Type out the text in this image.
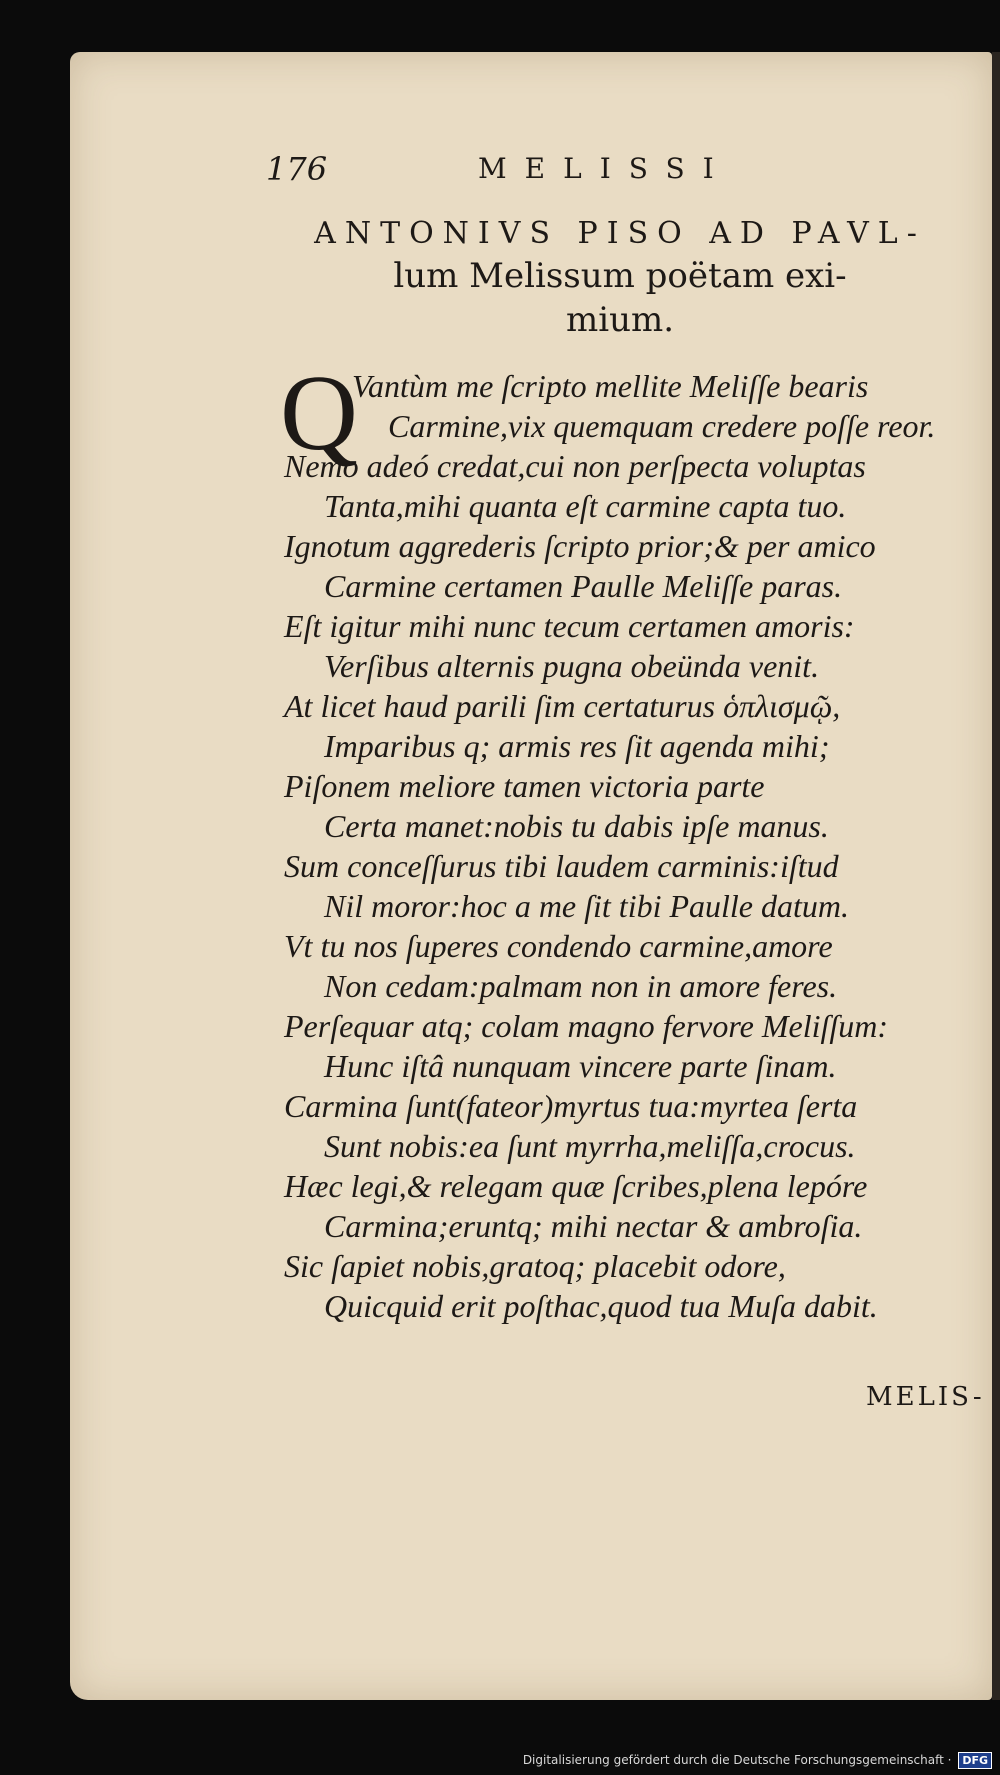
176	MELISSI
ANTONIVS PISO AD PAVL-
lum Melissum poëtam exi-
mium.
Q
Vantùm me ſcripto mellite Meliſſe bearis
Carmine,vix quemquam credere poſſe reor.
Nemo adeó credat,cui non perſpecta voluptas
Tanta,mihi quanta eſt carmine capta tuo.
Ignotum aggrederis ſcripto prior;& per amico
Carmine certamen Paulle Meliſſe paras.
Eſt igitur mihi nunc tecum certamen amoris:
Verſibus alternis pugna obeünda venit.
At licet haud parili ſim certaturus ὁπλισμῷ,
Imparibus q; armis res ſit agenda mihi;
Piſonem meliore tamen victoria parte
Certa manet:nobis tu dabis ipſe manus.
Sum conceſſurus tibi laudem carminis:iſtud
Nil moror:hoc a me ſit tibi Paulle datum.
Vt tu nos ſuperes condendo carmine,amore
Non cedam:palmam non in amore feres.
Perſequar atq; colam magno fervore Meliſſum:
Hunc iſtâ nunquam vincere parte ſinam.
Carmina ſunt(fateor)myrtus tua:myrtea ſerta
Sunt nobis:ea ſunt myrrha,meliſſa,crocus.
Hæc legi,& relegam quæ ſcribes,plena lepóre
Carmina;eruntq; mihi nectar & ambroſia.
Sic ſapiet nobis,gratoq; placebit odore,
Quicquid erit poſthac,quod tua Muſa dabit.
MELIS-
Digitalisierung gefördert durch die Deutsche Forschungsgemeinschaft · DFG
